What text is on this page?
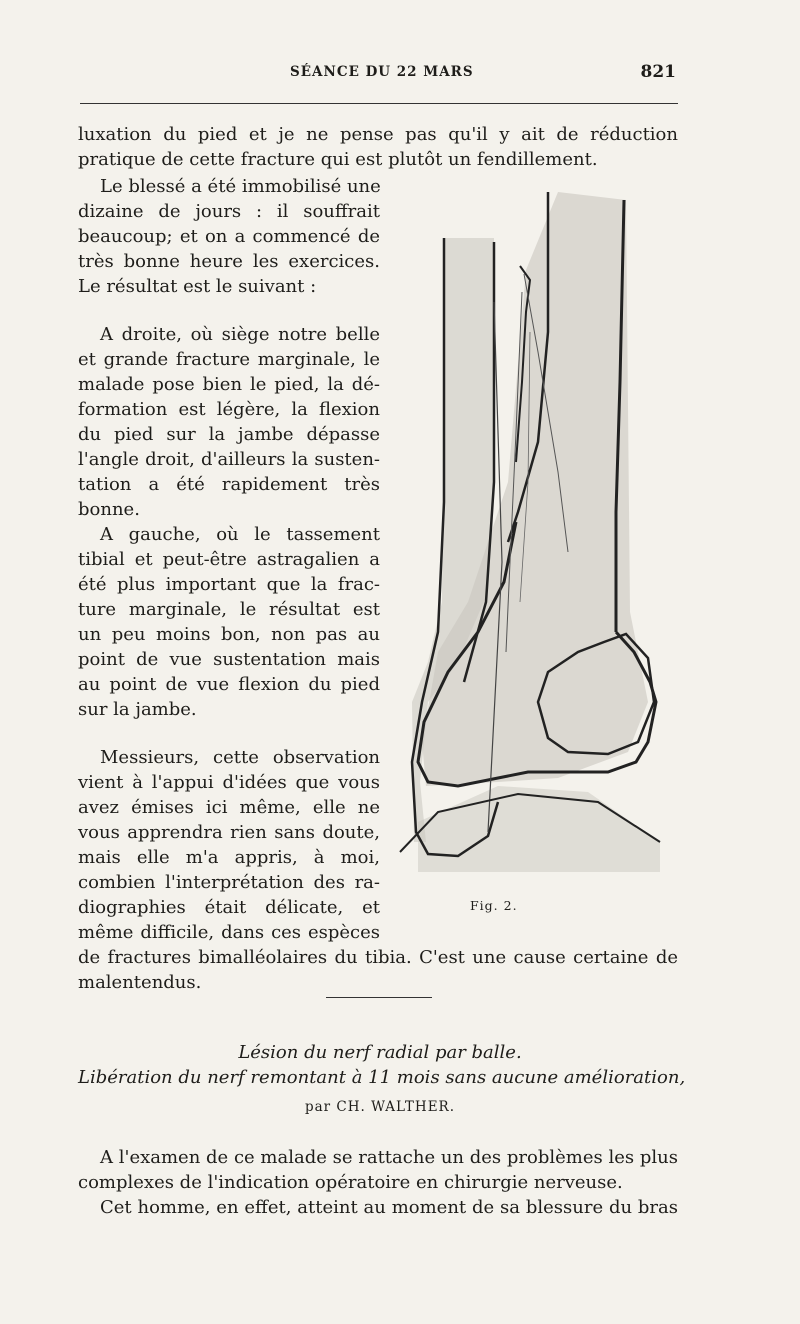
SÉANCE DU 22 MARS	821
luxation du pied et je ne pense pas qu'il y ait de réduction
pratique de cette fracture qui est plutôt un fendillement.
Le blessé a été immobilisé une
dizaine de jours : il souffrait
beaucoup; et on a commencé de
très bonne heure les exercices.
Le résultat est le suivant :
A droite, où siège notre belle
et grande fracture marginale, le
malade pose bien le pied, la dé-
formation est légère, la flexion
du pied sur la jambe dépasse
l'angle droit, d'ailleurs la susten-
tation a été rapidement très
bonne.
A gauche, où le tassement
tibial et peut-être astragalien a
été plus important que la frac-
ture marginale, le résultat est
un peu moins bon, non pas au
point de vue sustentation mais
au point de vue flexion du pied
sur la jambe.
Messieurs, cette observation
vient à l'appui d'idées que vous
avez émises ici même, elle ne
vous apprendra rien sans doute,
mais elle m'a appris, à moi,
combien l'interprétation des ra-
diographies était délicate, et
même difficile, dans ces espèces
de fractures bimalléolaires du tibia. C'est une cause certaine de
malentendus.
Fig. 2.
Lésion du nerf radial par balle.
Libération du nerf remontant à 11 mois sans aucune amélioration,
par CH. WALTHER.
A l'examen de ce malade se rattache un des problèmes les plus
complexes de l'indication opératoire en chirurgie nerveuse.
Cet homme, en effet, atteint au moment de sa blessure du bras
